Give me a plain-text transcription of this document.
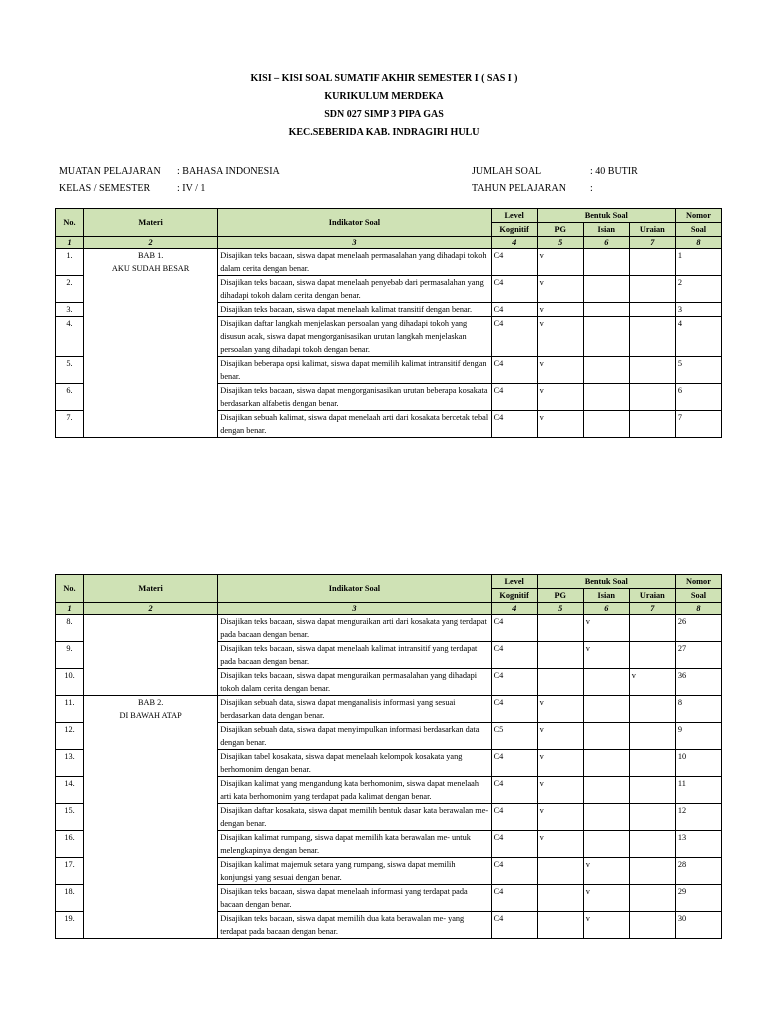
KISI – KISI SOAL SUMATIF AKHIR SEMESTER I ( SAS I )
KURIKULUM MERDEKA
SDN 027 SIMP 3 PIPA GAS
KEC.SEBERIDA KAB. INDRAGIRI HULU
MUATAN PELAJARAN	: BAHASA INDONESIA
KELAS / SEMESTER	: IV / 1
JUMLAH SOAL	: 40 BUTIR
TAHUN PELAJARAN	:
No.	Materi	Indikator Soal	Level	Bentuk Soal			Nomor
			Kognitif	PG	Isian	Uraian	Soal
1	2	3	4	5	6	7	8
1.	BAB 1.
AKU SUDAH BESAR	Disajikan teks bacaan, siswa dapat menelaah permasalahan yang dihadapi tokoh dalam cerita dengan benar.	C4	v			1
2.		Disajikan teks bacaan, siswa dapat menelaah penyebab dari permasalahan yang dihadapi tokoh dalam cerita dengan benar.	C4	v			2
3.		Disajikan teks bacaan, siswa dapat menelaah kalimat transitif dengan benar.	C4	v			3
4.		Disajikan daftar langkah menjelaskan persoalan yang dihadapi tokoh yang disusun acak, siswa dapat mengorganisasikan urutan langkah menjelaskan persoalan yang dihadapi tokoh dengan benar.	C4	v			4
5.		Disajikan beberapa opsi kalimat, siswa dapat memilih kalimat intransitif dengan benar.	C4	v			5
6.		Disajikan teks bacaan, siswa dapat mengorganisasikan urutan beberapa kosakata berdasarkan alfabetis dengan benar.	C4	v			6
7.		Disajikan sebuah kalimat, siswa dapat menelaah arti dari kosakata bercetak tebal dengan benar.	C4	v			7
No.	Materi	Indikator Soal	Level	Bentuk Soal			Nomor
			Kognitif	PG	Isian	Uraian	Soal
1	2	3	4	5	6	7	8
8.		Disajikan teks bacaan, siswa dapat menguraikan arti dari kosakata yang terdapat pada bacaan dengan benar.	C4		v		26
9.		Disajikan teks bacaan, siswa dapat menelaah kalimat intransitif yang terdapat pada bacaan dengan benar.	C4		v		27
10.		Disajikan teks bacaan, siswa dapat menguraikan permasalahan yang dihadapi tokoh dalam cerita dengan benar.	C4			v	36
11.	BAB 2.
DI BAWAH ATAP	Disajikan sebuah data, siswa dapat menganalisis informasi yang sesuai berdasarkan data dengan benar.	C4	v			8
12.		Disajikan sebuah data, siswa dapat menyimpulkan informasi berdasarkan data dengan benar.	C5	v			9
13.		Disajikan tabel kosakata, siswa dapat menelaah kelompok kosakata yang berhomonim dengan benar.	C4	v			10
14.		Disajikan kalimat yang mengandung kata berhomonim, siswa dapat menelaah arti kata berhomonim yang terdapat pada kalimat dengan benar.	C4	v			11
15.		Disajikan daftar kosakata, siswa dapat memilih bentuk dasar kata berawalan me- dengan benar.	C4	v			12
16.		Disajikan kalimat rumpang, siswa dapat memilih kata berawalan me- untuk melengkapinya dengan benar.	C4	v			13
17.		Disajikan kalimat majemuk setara yang rumpang, siswa dapat memilih konjungsi yang sesuai dengan benar.	C4		v		28
18.		Disajikan teks bacaan, siswa dapat menelaah informasi yang terdapat pada bacaan dengan benar.	C4		v		29
19.		Disajikan teks bacaan, siswa dapat memilih dua kata berawalan me- yang terdapat pada bacaan dengan benar.	C4		v		30
